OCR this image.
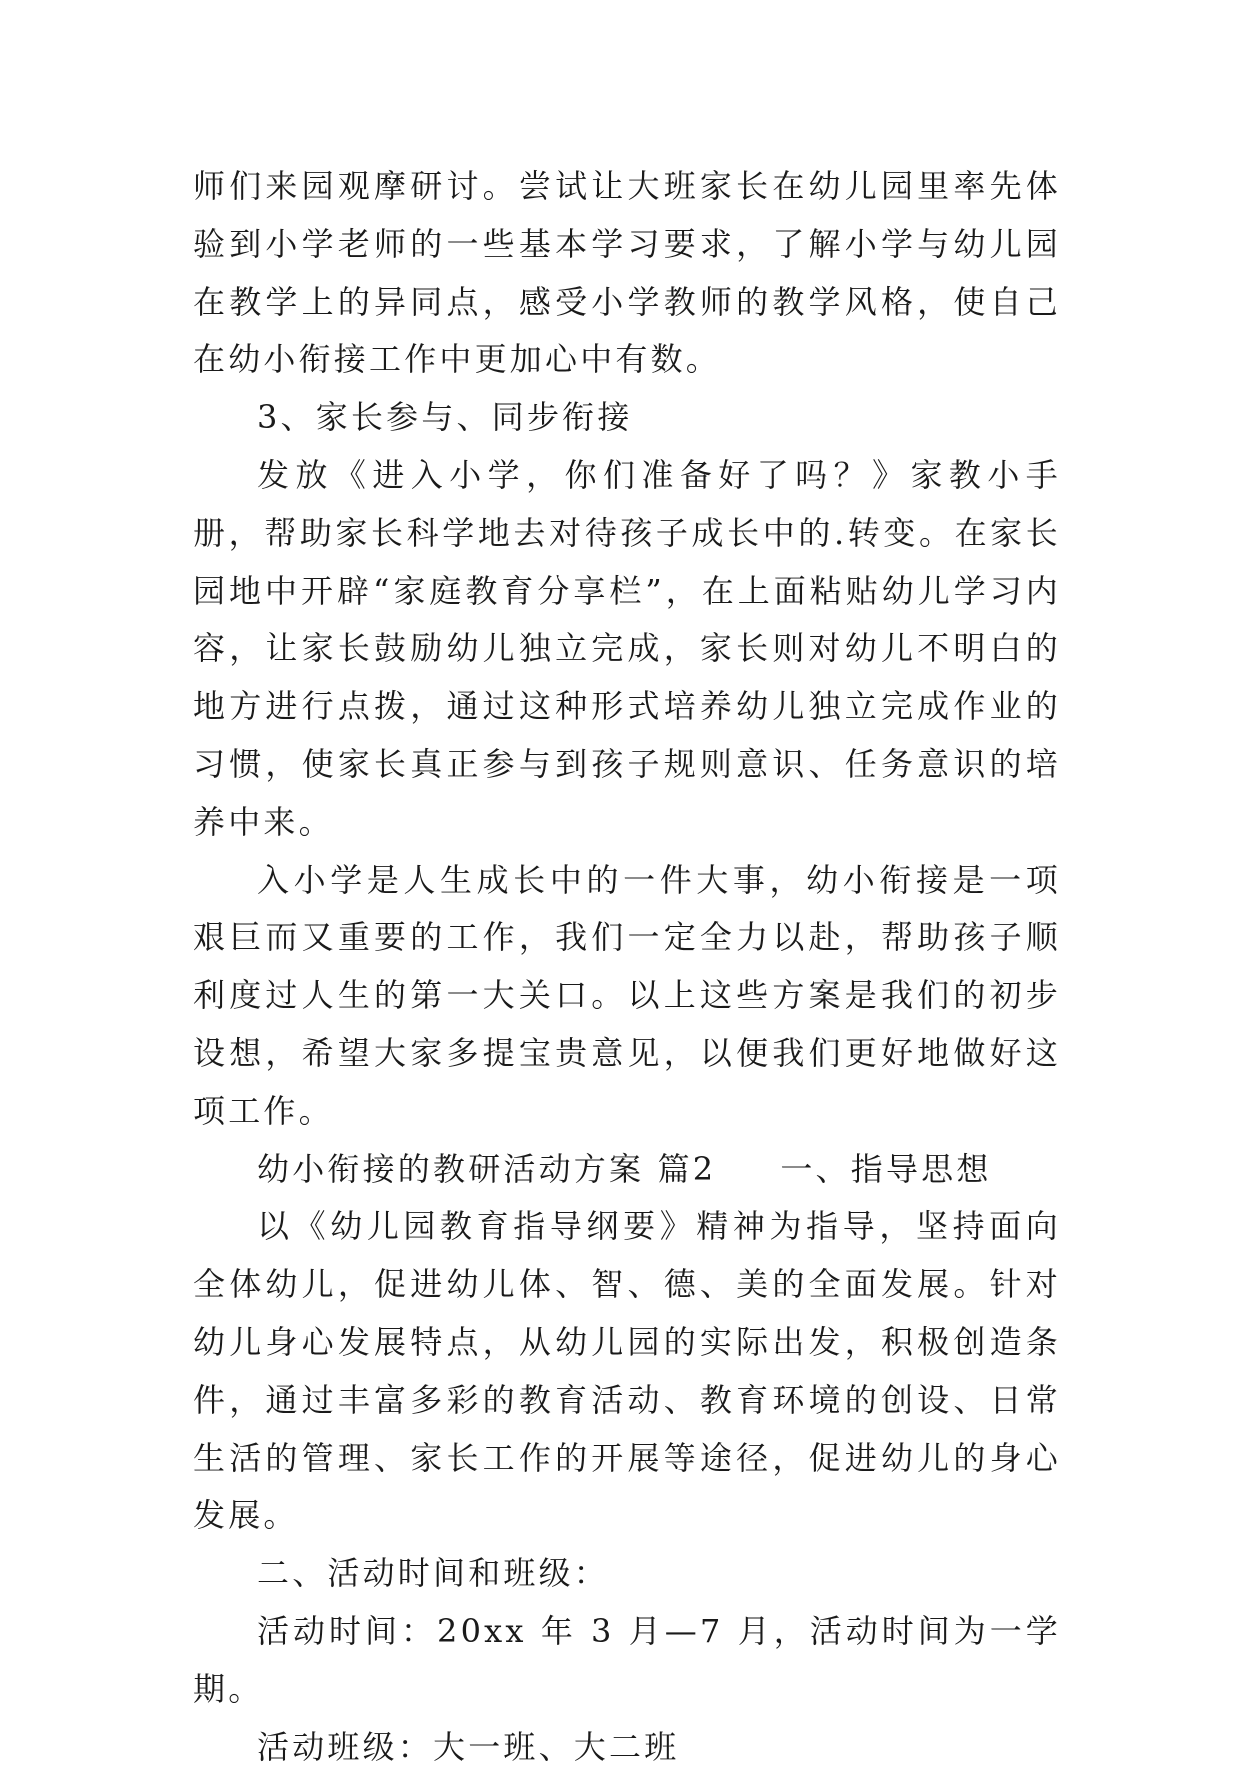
师们来园观摩研讨。尝试让大班家长在幼儿园里率先体验到小学老师的一些基本学习要求，了解小学与幼儿园在教学上的异同点，感受小学教师的教学风格，使自己在幼小衔接工作中更加心中有数。

3、家长参与、同步衔接

发放《进入小学，你们准备好了吗？》家教小手册，帮助家长科学地去对待孩子成长中的.转变。在家长园地中开辟“家庭教育分享栏”，在上面粘贴幼儿学习内容，让家长鼓励幼儿独立完成，家长则对幼儿不明白的地方进行点拨，通过这种形式培养幼儿独立完成作业的习惯，使家长真正参与到孩子规则意识、任务意识的培养中来。

入小学是人生成长中的一件大事，幼小衔接是一项艰巨而又重要的工作，我们一定全力以赴，帮助孩子顺利度过人生的第一大关口。以上这些方案是我们的初步设想，希望大家多提宝贵意见，以便我们更好地做好这项工作。

幼小衔接的教研活动方案 篇2 一、指导思想

以《幼儿园教育指导纲要》精神为指导，坚持面向全体幼儿，促进幼儿体、智、德、美的全面发展。针对幼儿身心发展特点，从幼儿园的实际出发，积极创造条件，通过丰富多彩的教育活动、教育环境的创设、日常生活的管理、家长工作的开展等途径，促进幼儿的身心发展。

二、活动时间和班级：

活动时间：20xx 年 3 月—7 月，活动时间为一学期。

活动班级：大一班、大二班
